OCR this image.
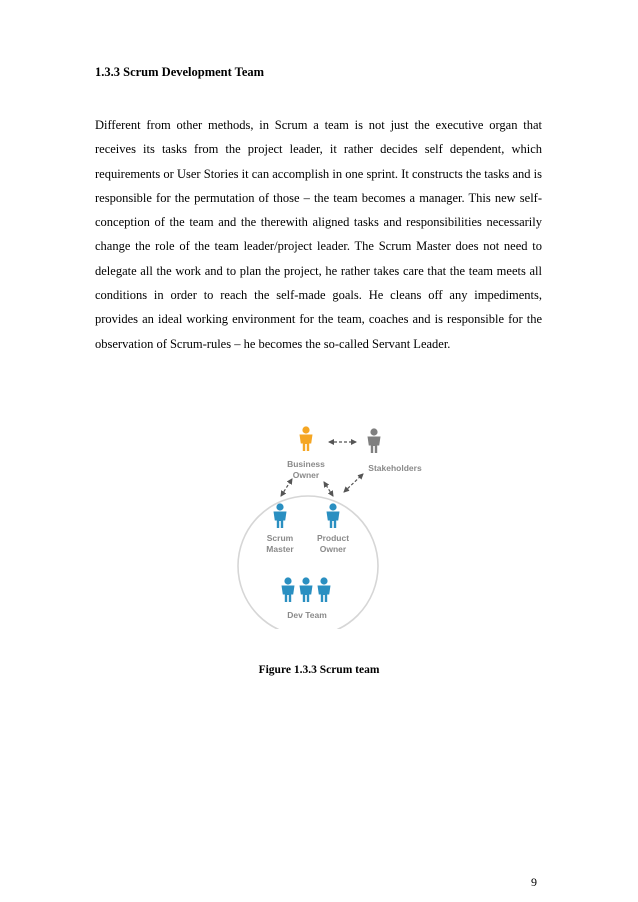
1.3.3 Scrum Development Team

Different from other methods, in Scrum a team is not just the executive organ that receives its tasks from the project leader, it rather decides self dependent, which requirements or User Stories it can accomplish in one sprint. It constructs the tasks and is responsible for the permutation of those – the team becomes a manager. This new self-conception of the team and the therewith aligned tasks and responsibilities necessarily change the role of the team leader/project leader. The Scrum Master does not need to delegate all the work and to plan the project, he rather takes care that the team meets all conditions in order to reach the self-made goals. He cleans off any impediments, provides an ideal working environment for the team, coaches and is responsible for the observation of Scrum-rules – he becomes the so-called Servant Leader.

Business
Owner
Scrum
Master
Product
Owner
Dev Team
Stakeholders

Figure 1.3.3 Scrum team

9
